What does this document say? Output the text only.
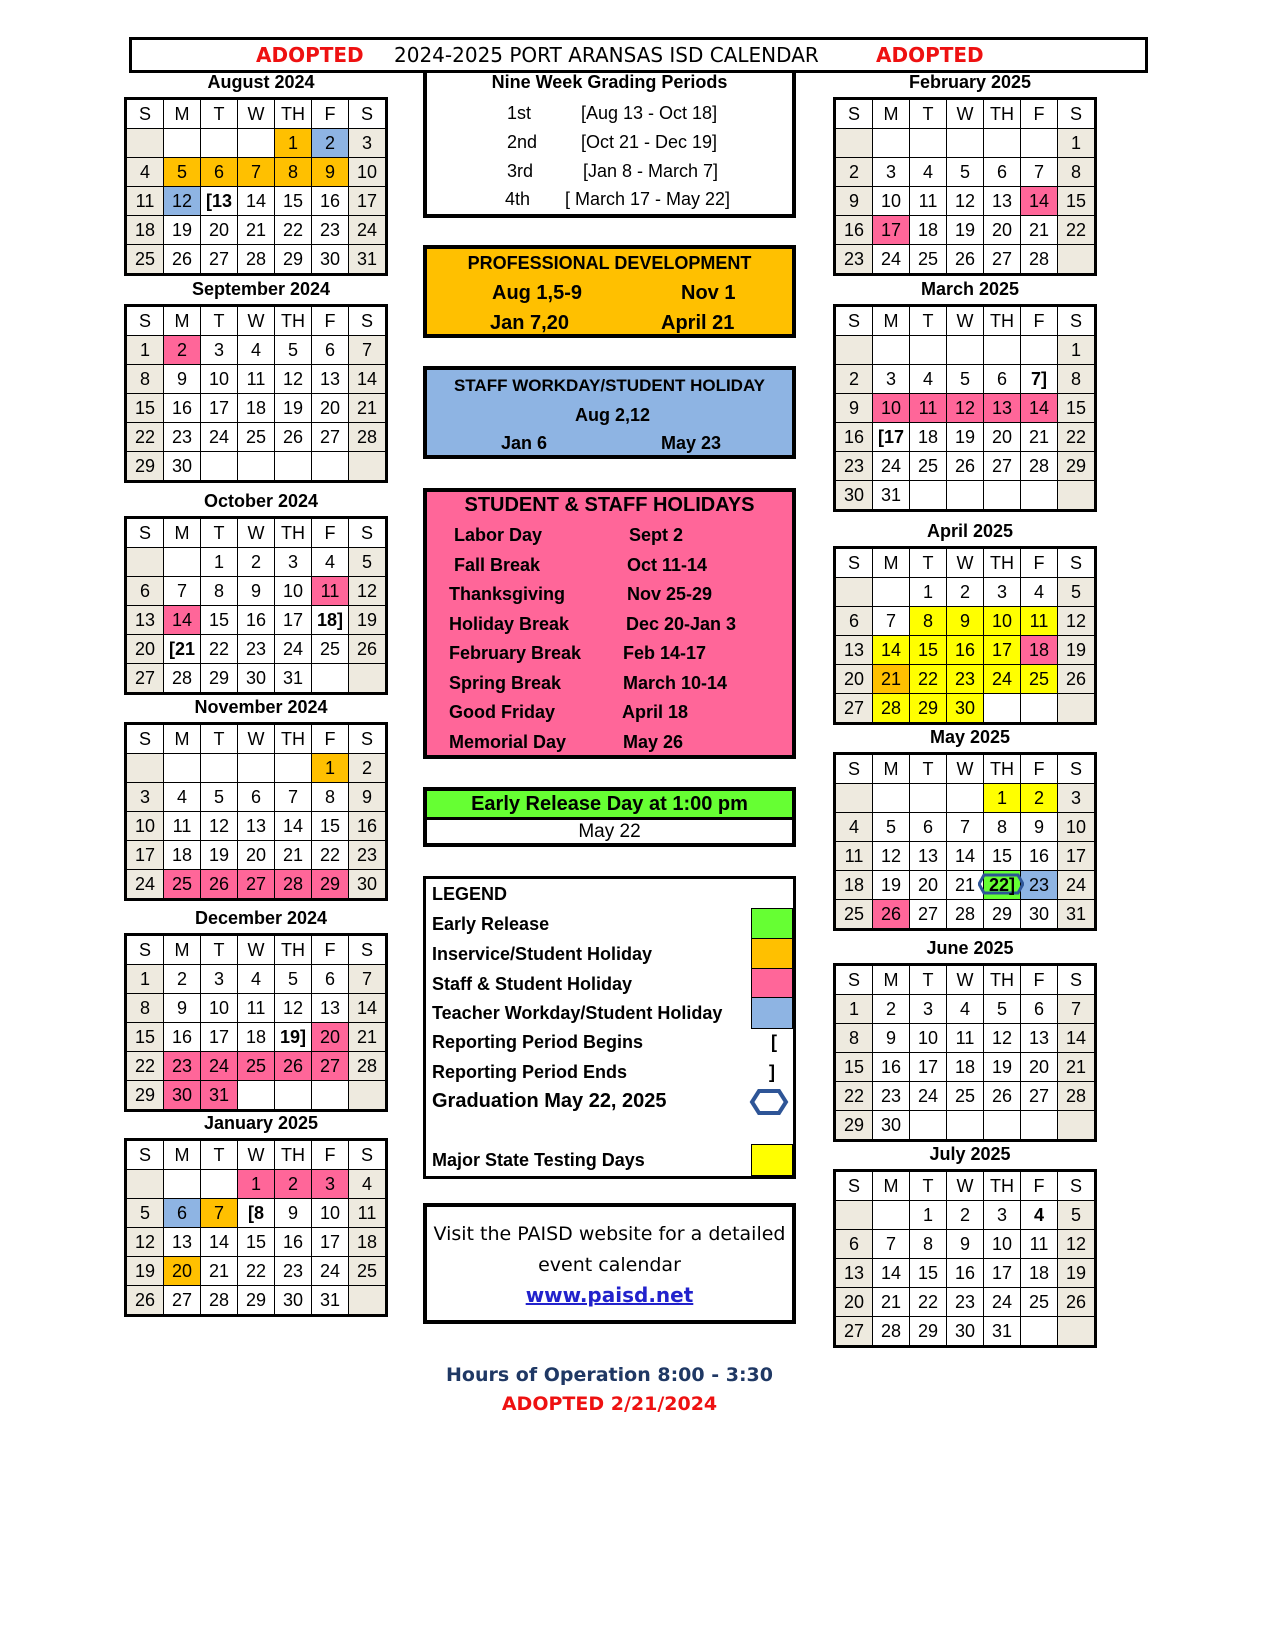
ADOPTED 2024-2025 PORT ARANSAS ISD CALENDAR	ADOPTED
August 2024
S	M	T	W	TH	F	S
				1	2	3
4	5	6	7	8	9	10
11	12	[13	14	15	16	17
18	19	20	21	22	23	24
25	26	27	28	29	30	31
September 2024
S	M	T	W	TH	F	S
1	2	3	4	5	6	7
8	9	10	11	12	13	14
15	16	17	18	19	20	21
22	23	24	25	26	27	28
29	30					
October 2024
S	M	T	W	TH	F	S
		1	2	3	4	5
6	7	8	9	10	11	12
13	14	15	16	17	18]	19
20	[21	22	23	24	25	26
27	28	29	30	31		
November 2024
S	M	T	W	TH	F	S
					1	2
3	4	5	6	7	8	9
10	11	12	13	14	15	16
17	18	19	20	21	22	23
24	25	26	27	28	29	30
December 2024
S	M	T	W	TH	F	S
1	2	3	4	5	6	7
8	9	10	11	12	13	14
15	16	17	18	19]	20	21
22	23	24	25	26	27	28
29	30	31				
January 2025
S	M	T	W	TH	F	S
			1	2	3	4
5	6	7	[8	9	10	11
12	13	14	15	16	17	18
19	20	21	22	23	24	25
26	27	28	29	30	31	
February 2025
S	M	T	W	TH	F	S
						1
2	3	4	5	6	7	8
9	10	11	12	13	14	15
16	17	18	19	20	21	22
23	24	25	26	27	28	
March 2025
S	M	T	W	TH	F	S
						1
2	3	4	5	6	7]	8
9	10	11	12	13	14	15
16	[17	18	19	20	21	22
23	24	25	26	27	28	29
30	31					
April 2025
S	M	T	W	TH	F	S
		1	2	3	4	5
6	7	8	9	10	11	12
13	14	15	16	17	18	19
20	21	22	23	24	25	26
27	28	29	30			
May 2025
S	M	T	W	TH	F	S
				1	2	3
4	5	6	7	8	9	10
11	12	13	14	15	16	17
18	19	20	21	22]	23	24
25	26	27	28	29	30	31
June 2025
S	M	T	W	TH	F	S
1	2	3	4	5	6	7
8	9	10	11	12	13	14
15	16	17	18	19	20	21
22	23	24	25	26	27	28
29	30					
July 2025
S	M	T	W	TH	F	S
		1	2	3	4	5
6	7	8	9	10	11	12
13	14	15	16	17	18	19
20	21	22	23	24	25	26
27	28	29	30	31		
Nine Week Grading Periods
1st	[Aug 13 - Oct 18]
2nd [Oct 21 - Dec 19]
3rd	[Jan 8 - March 7]
4th [ March 17 - May 22]
PROFESSIONAL DEVELOPMENT
Aug 1,5-9	Nov 1
Jan 7,20	April 21
STAFF WORKDAY/STUDENT HOLIDAY
Aug 2,12
Jan 6	May 23
STUDENT & STAFF HOLIDAYS
Labor Day	Sept 2
Fall Break	Oct 11-14
Thanksgiving	Nov 25-29
Holiday Break	Dec 20-Jan 3
February Break Feb 14-17
Spring Break	March 10-14
Good Friday	April 18
Memorial Day	May 26
Early Release Day at 1:00 pm
May 22
LEGEND
Early Release
Inservice/Student Holiday
Staff & Student Holiday
Teacher Workday/Student Holiday
Reporting Period Begins	[
Reporting Period Ends	]
Graduation May 22, 2025
Major State Testing Days
Visit the PAISD website for a detailed
event calendar
www.paisd.net
Hours of Operation 8:00 - 3:30
ADOPTED 2/21/2024
